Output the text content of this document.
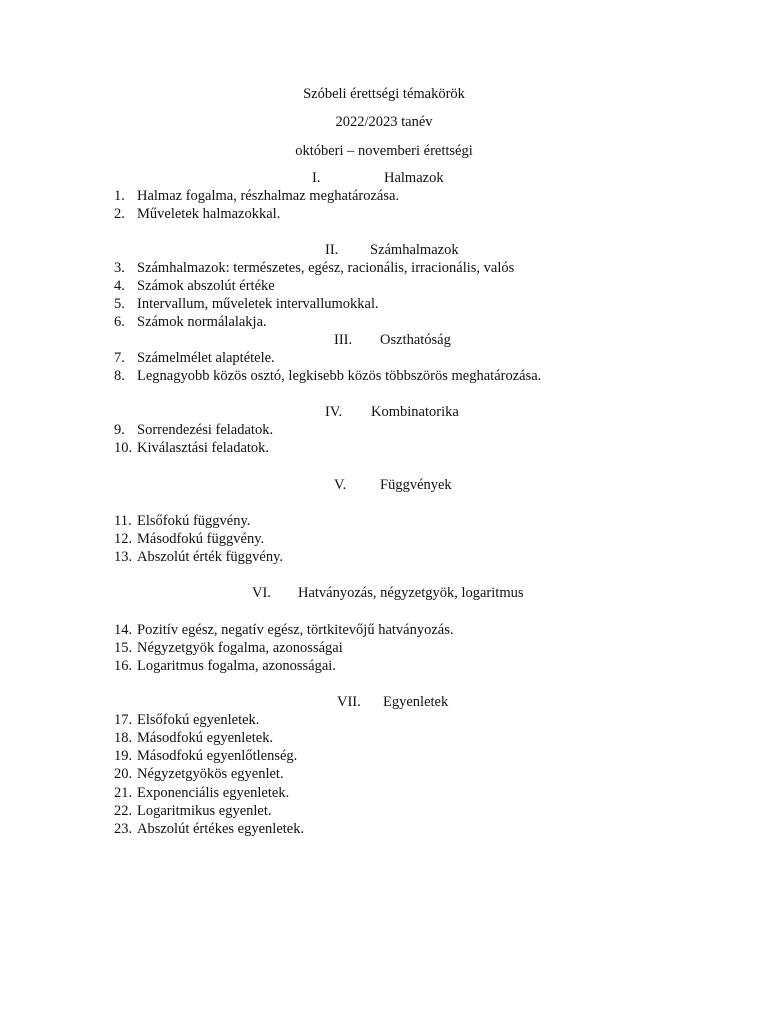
Szóbeli érettségi témakörök
2022/2023 tanév
októberi – novemberi érettségi
I.	Halmazok
1. Halmaz fogalma, részhalmaz meghatározása.
2. Műveletek halmazokkal.
II. Számhalmazok
3. Számhalmazok: természetes, egész, racionális, irracionális, valós
4. Számok abszolút értéke
5. Intervallum, műveletek intervallumokkal.
6. Számok normálalakja.
III. Oszthatóság
7. Számelmélet alaptétele.
8. Legnagyobb közös osztó, legkisebb közös többszörös meghatározása.
IV. Kombinatorika
9. Sorrendezési feladatok.
10. Kiválasztási feladatok.
V. Függvények
11. Elsőfokú függvény.
12. Másodfokú függvény.
13. Abszolút érték függvény.
VI. Hatványozás, négyzetgyök, logaritmus
14. Pozitív egész, negatív egész, törtkitevőjű hatványozás.
15. Négyzetgyök fogalma, azonosságai
16. Logaritmus fogalma, azonosságai.
VII. Egyenletek
17. Elsőfokú egyenletek.
18. Másodfokú egyenletek.
19. Másodfokú egyenlőtlenség.
20. Négyzetgyökös egyenlet.
21. Exponenciális egyenletek.
22. Logaritmikus egyenlet.
23. Abszolút értékes egyenletek.
